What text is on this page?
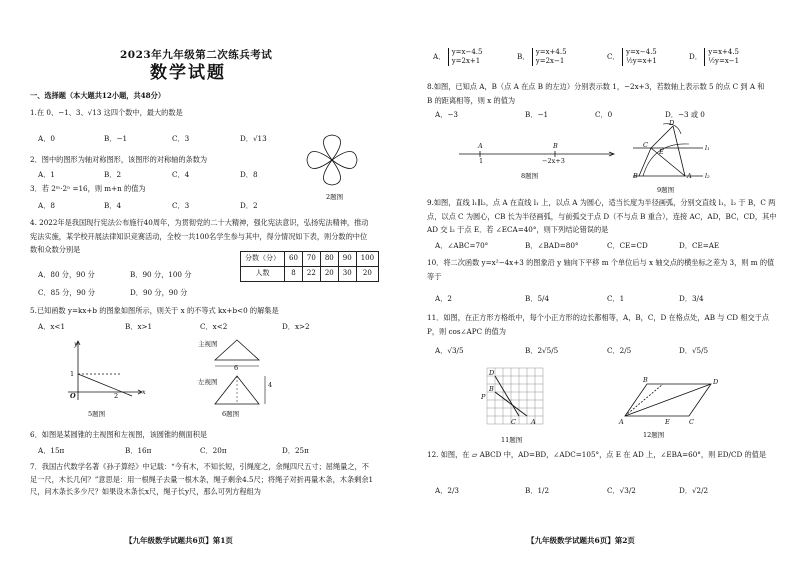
2023年九年级第二次练兵考试
数学试题
一、选择题（本大题共12小题，共48分）
1.在 0、−1、3、√13 这四个数中，最大的数是
A．0	B．−1	C．3	D．√13
2．图中的图形为轴对称图形，该图形的对称轴的条数为
A．1	B．2	C．4	D．8
2题图
3．若 2ᵐ·2ⁿ =16，则 m+n 的值为
A．8	B．4	C．3	D．2
4. 2022年是我国现行宪法公布施行40周年，为贯彻党的二十大精神，强化宪法意识，弘扬宪法精神，推动宪法实施，某学校开展法律知识竞赛活动，全校一共100名学生参与其中，得分情况如下表，则分数的中位数和众数分别是
分数（分）	60	70	80	90	100
人数	8	22	20	30	20
A．80 分，90 分	B．90 分，100 分
C．85 分，90 分	D．90 分，90 分
5.已知函数 y=kx+b 的图象如图所示，则关于 x 的不等式 kx+b<0 的解集是
A．x<1	B．x>1	C．x<2	D．x>2
y
x
O
1
2
5题图
主视图
6
左视图	4
6题图
6．如图是某圆锥的主视图和左视图，该圆锥的侧面积是
A．15π	B．16π	C．20π	D．25π
7．我国古代数学名著《孙子算经》中记载：“今有木，不知长短，引绳度之，余绳四尺五寸；屈绳量之，不足一尺，木长几何？”意思是：用一根绳子去量一根木条，绳子剩余4.5尺；将绳子对折再量木条，木条剩余1尺，问木条长多少尺？如果设木条长x尺，绳子长y尺，那么可列方程组为
【九年级数学试题共6页】第1页
A． y=x−4.5
y=2x+1	B． y=x+4.5
y=2x−1	C． y=x−4.5
½y=x+1	D． y=x+4.5
½y=x−1
8.如图，已知点 A，B（点 A 在点 B 的左边）分别表示数 1，−2x+3，若数轴上表示数 5 的点 C 到 A 和 B 的距离相等，则 x 的值为
A．−3	B．−1	C．0	D．−3 或 0
A	B
1	−2x+3
8题图
l₁
l₂
D
C
E
B	A
9题图
9.如图，直线 l₁∥l₂，点 A 在直线 l₁ 上，以点 A 为圆心，适当长度为半径画弧，分别交直线 l₁，l₂ 于 B，C 两点，以点 C 为圆心，CB 长为半径画弧，与前弧交于点 D（不与点 B 重合），连接 AC，AD，BC，CD，其中 AD 交 l₂ 于点 E．若 ∠ECA=40°，则下列结论错误的是
A．∠ABC=70°	B．∠BAD=80°	C．CE=CD	D．CE=AE
10．将二次函数 y=x²−4x+3 的图象沿 y 轴向下平移 m 个单位后与 x 轴交点的横坐标之差为 3，则 m 的值等于
A．2	B．5/4	C．1	D．3/4
11．如图，在正方形方格纸中，每个小正方形的边长都相等，A，B，C，D 在格点处，AB 与 CD 相交于点 P，则 cos∠APC 的值为
A．√3/5	B．2√5/5	C．2/5	D．√5/5
D
B
P
C A
11题图
A
D
E
B
C
12题图
12. 如图，在 ▱ ABCD 中，AD=BD，∠ADC=105°，点 E 在 AD 上，∠EBA=60°，则 ED/CD 的值是
A．2/3	B．1/2	C．√3/2	D．√2/2
【九年级数学试题共6页】第2页
